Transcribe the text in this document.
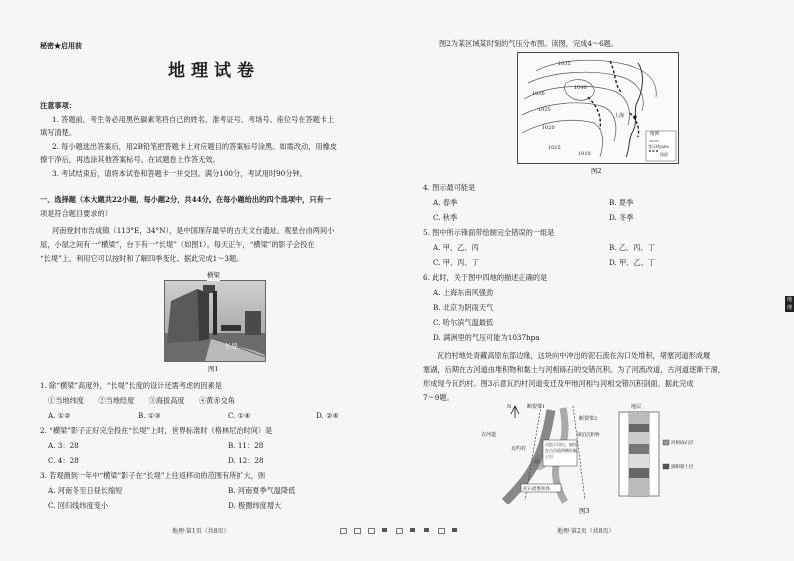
秘密★启用前
地理试卷
注意事项：
1. 答题前，考生务必用黑色碳素笔将自己的姓名、准考证号、考场号、座位号在答题卡上
填写清楚。
2. 每小题选出答案后，用2B铅笔把答题卡上对应题目的答案标号涂黑。如需改动，用橡皮
擦干净后，再选涂其他答案标号。在试题卷上作答无效。
3. 考试结束后，请将本试卷和答题卡一并交回。满分100分，考试用时90分钟。
一、选择题（本大题共22小题，每小题2分，共44分。在每小题给出的四个选项中，只有一
项是符合题目要求的）
河南登封市告成镇（113°E，34°N），是中国现存最早的古天文台遗址。观星台由两间小
屋，小屋之间有一“横梁”，台下有一“长堤”（如图1）。每天正午，“横梁”的影子会投在
“长堤”上，利用它可以按时和了解四季变化。据此完成1～3题。
横梁
长堤
图1
1. 除“横梁”高度外，“长堤”长度的设计还需考虑的因素是
①当地纬度　　②当地经度　　③海拔高度　　④黄赤交角
A. ①②	B. ①③	C. ①④	D. ②④
2. “横梁”影子正好完全投在“长堤”上时，世界标准时（格林尼治时间）是
A. 3：28	B. 11：28
C. 4：28	D. 12：28
3. 若观测到一年中“横梁”影子在“长堤”上往返移动的范围有所扩大，则
A. 河南冬至日昼长缩短	B. 河南夏季气温降低
C. 回归线纬度变小	D. 极圈纬度增大
地理·第1页（共8页）
图2为某区域某时刻的气压分布图。读图，完成4～6题。
上海
1035
1040
1030
1025
1020
1015
1010
图例
等压线/hPa
锋面
图2
4. 图示最可能是
A. 春季	B. 夏季
C. 秋季	D. 冬季
5. 图中所示锋面带绘制完全错误的一组是
A. 甲、乙、丙	B. 乙、丙、丁
C. 甲、丙、丁	D. 甲、乙、丁
6. 此时，关于图中四地的描述正确的是
A. 上海东南风强劲
B. 北京为阴雨天气
C. 哈尔滨气温最低
D. 满洲里的气压可能为1037hpa
瓦约村地处青藏高原东部边缘，这块向中冲出的泥石流在沟口处堆积，堵塞河道形成堰
塞湖，后期在古河道由堆积物和黏土与河相砾石的交错沉积。为了河流改道，古河道逐渐干涸，
形成现今瓦约村。图3示意瓦约村河道变迁及甲地河相与河相交错沉积剖面。据此完成
7～9题。
N	断裂带1
断裂带2
古河道
瓦约村
甲
湖泊沉积物
河流下切后，披挂在古河道两侧的黏土层
泥石流堆积体
地层
河相砾石层
湖相黏土层
图3
地理·第2页（共8页）
地理
